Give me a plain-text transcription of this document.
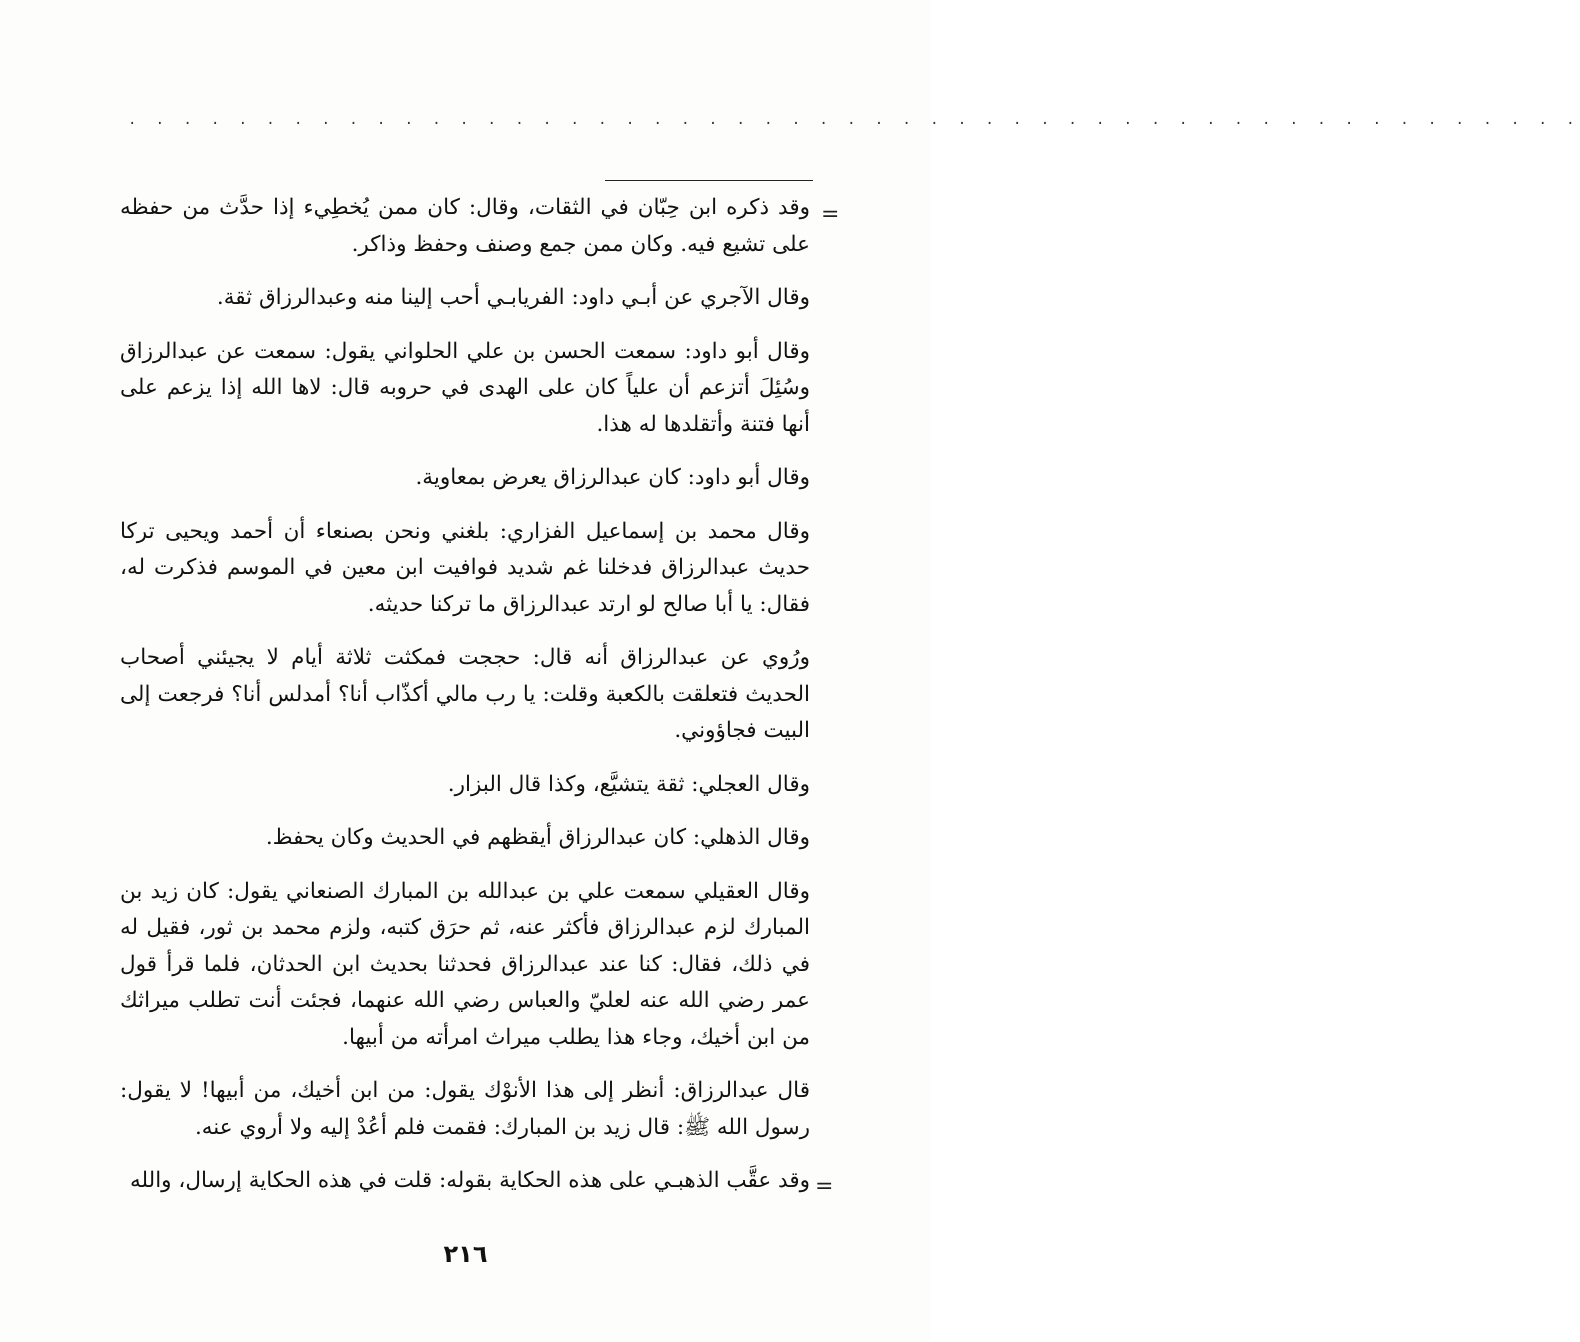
. . . . . . . . . . . . . . . . . . . . . . . . . . . . . . . . . . . . . . . . . . . . . . . . . . . . .
=

وقد ذكره ابن حِبّان في الثقات، وقال: كان ممن يُخطِيء إذا حدَّث من حفظه على تشيع فيه. وكان ممن جمع وصنف وحفظ وذاكر.

وقال الآجري عن أبـي داود: الفريابـي أحب إلينا منه وعبدالرزاق ثقة.

وقال أبو داود: سمعت الحسن بن علي الحلواني يقول: سمعت عن عبدالرزاق وسُئِلَ أتزعم أن علياً كان على الهدى في حروبه قال: لاها الله إذا يزعم على أنها فتنة وأتقلدها له هذا.

وقال أبو داود: كان عبدالرزاق يعرض بمعاوية.

وقال محمد بن إسماعيل الفزاري: بلغني ونحن بصنعاء أن أحمد ويحيى تركا حديث عبدالرزاق فدخلنا غم شديد فوافيت ابن معين في الموسم فذكرت له، فقال: يا أبا صالح لو ارتد عبدالرزاق ما تركنا حديثه.

ورُوي عن عبدالرزاق أنه قال: حججت فمكثت ثلاثة أيام لا يجيئني أصحاب الحديث فتعلقت بالكعبة وقلت: يا رب مالي أكذّاب أنا؟ أمدلس أنا؟ فرجعت إلى البيت فجاؤوني.

وقال العجلي: ثقة يتشيَّع، وكذا قال البزار.

وقال الذهلي: كان عبدالرزاق أيقظهم في الحديث وكان يحفظ.

وقال العقيلي سمعت علي بن عبدالله بن المبارك الصنعاني يقول: كان زيد بن المبارك لزم عبدالرزاق فأكثر عنه، ثم حرَق كتبه، ولزم محمد بن ثور، فقيل له في ذلك، فقال: كنا عند عبدالرزاق فحدثنا بحديث ابن الحدثان، فلما قرأ قول عمر رضي الله عنه لعليّ والعباس رضي الله عنهما، فجئت أنت تطلب ميراثك من ابن أخيك، وجاء هذا يطلب ميراث امرأته من أبيها.

قال عبدالرزاق: أنظر إلى هذا الأنوْك يقول: من ابن أخيك، من أبيها! لا يقول: رسول الله ﷺ: قال زيد بن المبارك: فقمت فلم أعُدْ إليه ولا أروي عنه.

وقد عقَّب الذهبـي على هذه الحكاية بقوله: قلت في هذه الحكاية إرسال، والله =
٢١٦
